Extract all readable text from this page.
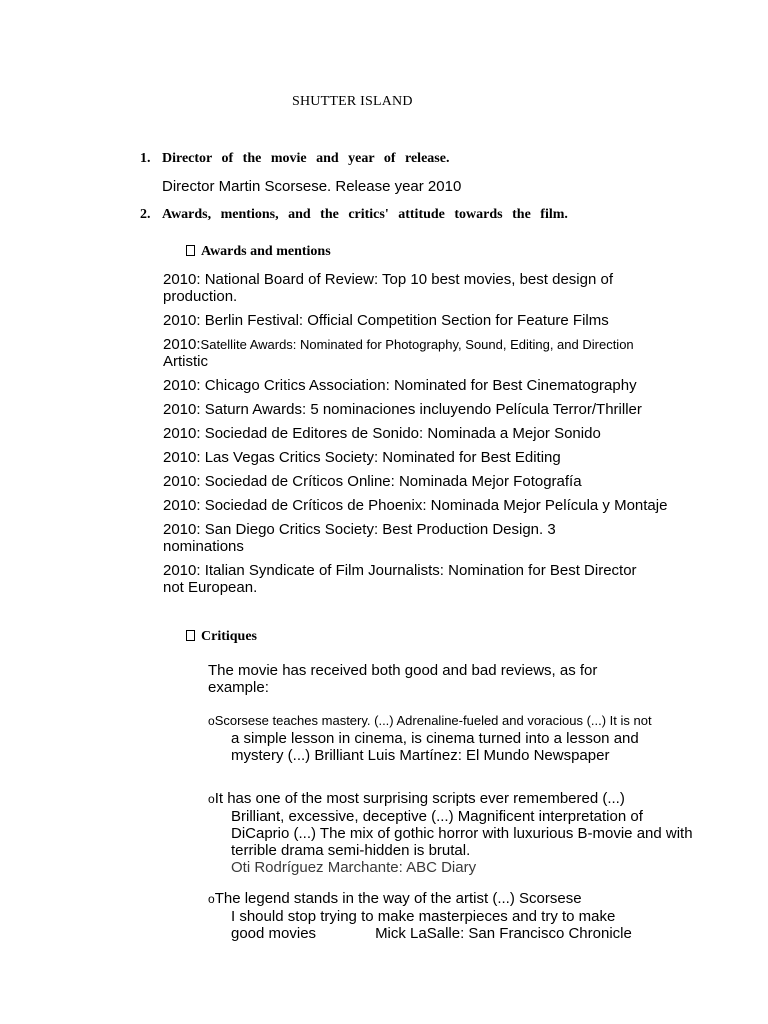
SHUTTER ISLAND
1. Director of the movie and year of release.
Director Martin Scorsese. Release year 2010
2. Awards, mentions, and the critics' attitude towards the film.
Awards and mentions
2010: National Board of Review: Top 10 best movies, best design of
production.
2010: Berlin Festival: Official Competition Section for Feature Films
2010:Satellite Awards: Nominated for Photography, Sound, Editing, and Direction
Artistic
2010: Chicago Critics Association: Nominated for Best Cinematography
2010: Saturn Awards: 5 nominaciones incluyendo Película Terror/Thriller
2010: Sociedad de Editores de Sonido: Nominada a Mejor Sonido
2010: Las Vegas Critics Society: Nominated for Best Editing
2010: Sociedad de Críticos Online: Nominada Mejor Fotografía
2010: Sociedad de Críticos de Phoenix: Nominada Mejor Película y Montaje
2010: San Diego Critics Society: Best Production Design. 3
nominations
2010: Italian Syndicate of Film Journalists: Nomination for Best Director
not European.
Critiques
The movie has received both good and bad reviews, as for
example:
oScorsese teaches mastery. (...) Adrenaline-fueled and voracious (...) It is not
a simple lesson in cinema, is cinema turned into a lesson and
mystery (...) Brilliant Luis Martínez: El Mundo Newspaper
oIt has one of the most surprising scripts ever remembered (...)
Brilliant, excessive, deceptive (...) Magnificent interpretation of
DiCaprio (...) The mix of gothic horror with luxurious B-movie and with
terrible drama semi-hidden is brutal.
Oti Rodríguez Marchante: ABC Diary
oThe legend stands in the way of the artist (...) Scorsese
I should stop trying to make masterpieces and try to make
good movies	Mick LaSalle: San Francisco Chronicle
